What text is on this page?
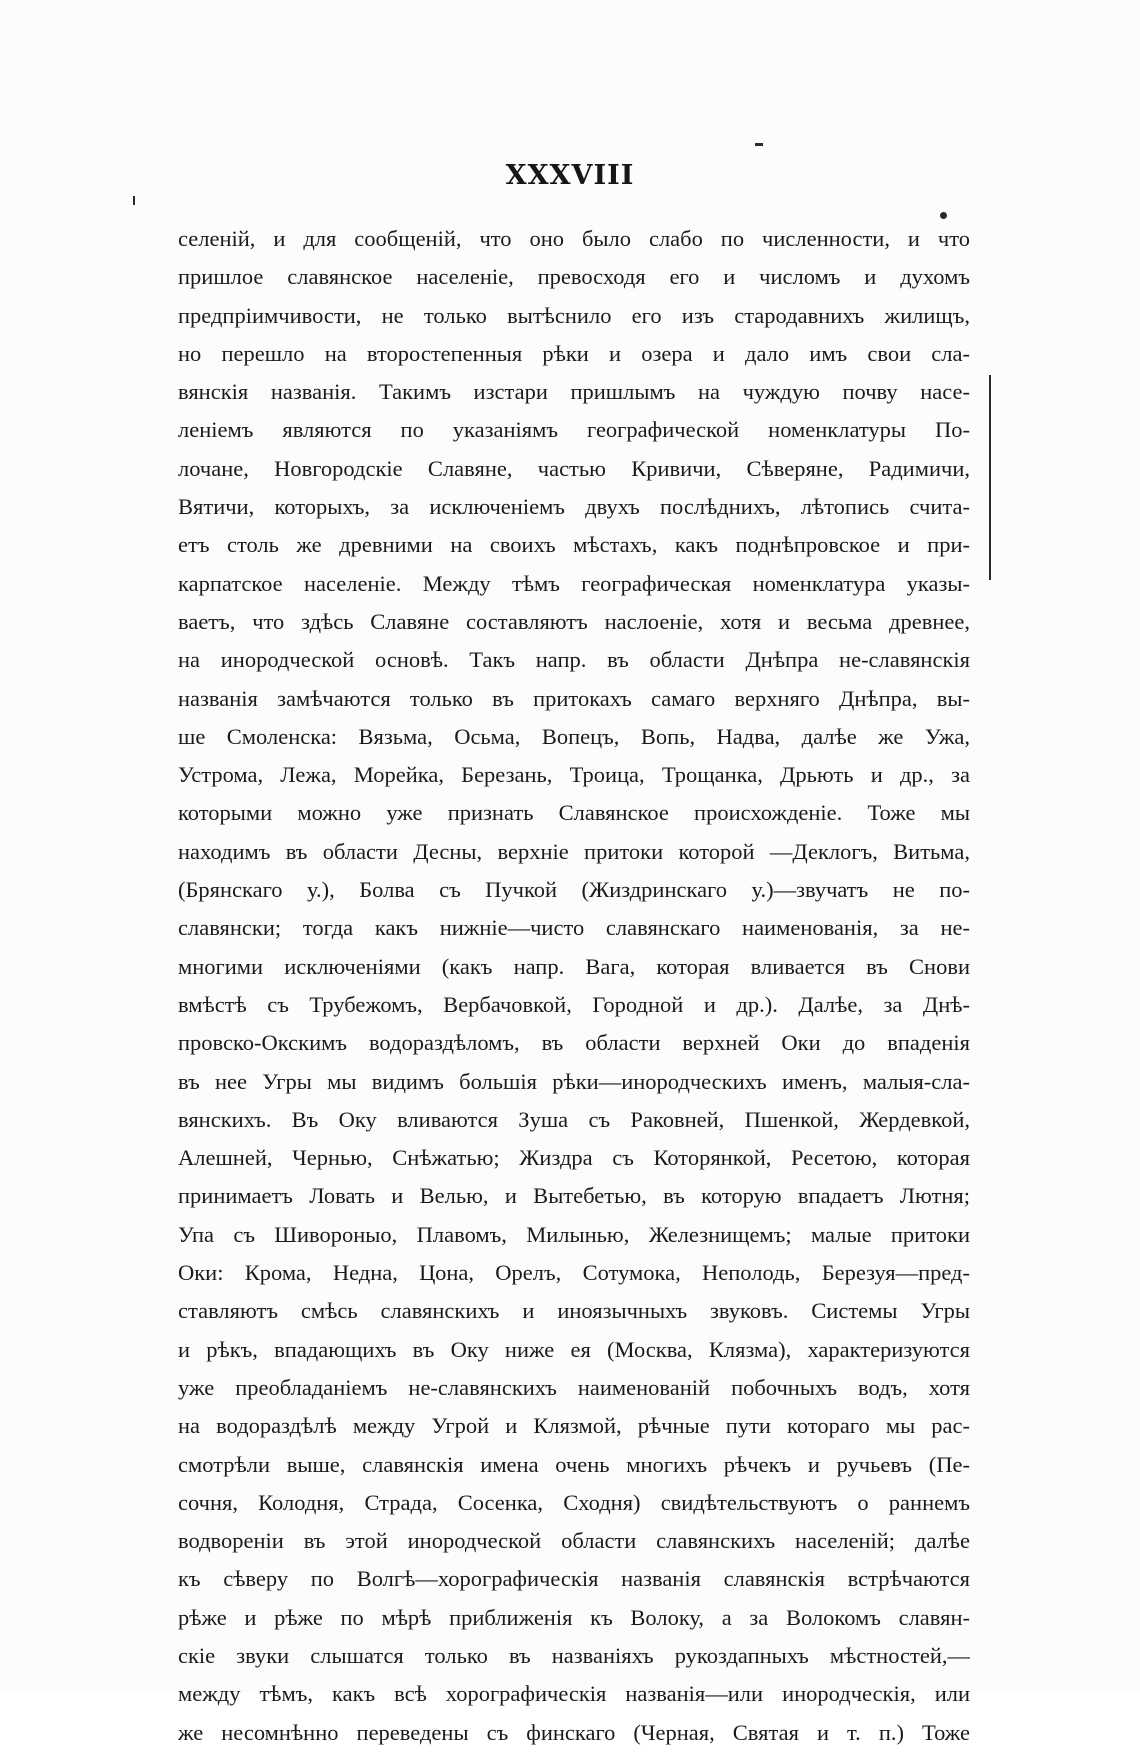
XXXVIII
селеній, и для сообщеній, что оно было слабо по численности, и что
пришлое славянское населеніе, превосходя его и числомъ и духомъ
предпріимчивости, не только вытѣснило его изъ стародавнихъ жилищъ,
но перешло на второстепенныя рѣки и озера и дало имъ свои сла-
вянскія названія. Такимъ изстари пришлымъ на чуждую почву насе-
леніемъ являются по указаніямъ географической номенклатуры По-
лочане, Новгородскіе Славяне, частью Кривичи, Сѣверяне, Радимичи,
Вятичи, которыхъ, за исключеніемъ двухъ послѣднихъ, лѣтопись счита-
етъ столь же древними на своихъ мѣстахъ, какъ поднѣпровское и при-
карпатское населеніе. Между тѣмъ географическая номенклатура указы-
ваетъ, что здѣсь Славяне составляютъ наслоеніе, хотя и весьма древнее,
на инородческой основѣ. Такъ напр. въ области Днѣпра не-славянскія
названія замѣчаются только въ притокахъ самаго верхняго Днѣпра, вы-
ше Смоленска: Вязьма, Осьма, Вопецъ, Вопь, Надва, далѣе же Ужа,
Устрома, Лежа, Морейка, Березань, Троица, Трощанка, Дрьють и др., за
которыми можно уже признать Славянское происхожденіе. Тоже мы
находимъ въ области Десны, верхніе притоки которой —Деклогъ, Витьма,
(Брянскаго у.), Болва съ Пучкой (Жиздринскаго у.)—звучатъ не по-
славянски; тогда какъ нижніе—чисто славянскаго наименованія, за не-
многими исключеніями (какъ напр. Вага, которая вливается въ Снови
вмѣстѣ съ Трубежомъ, Вербачовкой, Городной и др.). Далѣе, за Днѣ-
провско-Окскимъ водораздѣломъ, въ области верхней Оки до впаденія
въ нее Угры мы видимъ большія рѣки—инородческихъ именъ, малыя-сла-
вянскихъ. Въ Оку вливаются Зуша съ Раковней, Пшенкой, Жердевкой,
Алешней, Чернью, Снѣжатью; Жиздра съ Которянкой, Ресетою, которая
принимаетъ Ловать и Велью, и Вытебетью, въ которую впадаетъ Лютня;
Упа съ Шивороныо, Плавомъ, Милынью, Железнищемъ; малые притоки
Оки: Крома, Недна, Цона, Орелъ, Сотумока, Неполодь, Березуя—пред-
ставляютъ смѣсь славянскихъ и иноязычныхъ звуковъ. Системы Угры
и рѣкъ, впадающихъ въ Оку ниже ея (Москва, Клязма), характеризуются
уже преобладаніемъ не-славянскихъ наименованій побочныхъ водъ, хотя
на водораздѣлѣ между Угрой и Клязмой, рѣчные пути котораго мы рас-
смотрѣли выше, славянскія имена очень многихъ рѣчекъ и ручьевъ (Пе-
сочня, Колодня, Страда, Сосенка, Сходня) свидѣтельствуютъ о раннемъ
водвореніи въ этой инородческой области славянскихъ населеній; далѣе
къ сѣверу по Волгѣ—хорографическія названія славянскія встрѣчаются
рѣже и рѣже по мѣрѣ приближенія къ Волоку, а за Волокомъ славян-
скіе звуки слышатся только въ названіяхъ рукоздапныхъ мѣстностей,—
между тѣмъ, какъ всѣ хорографическія названія—или инородческія, или
же несомнѣнно переведены съ финскаго (Черная, Святая и т. п.) Тоже
